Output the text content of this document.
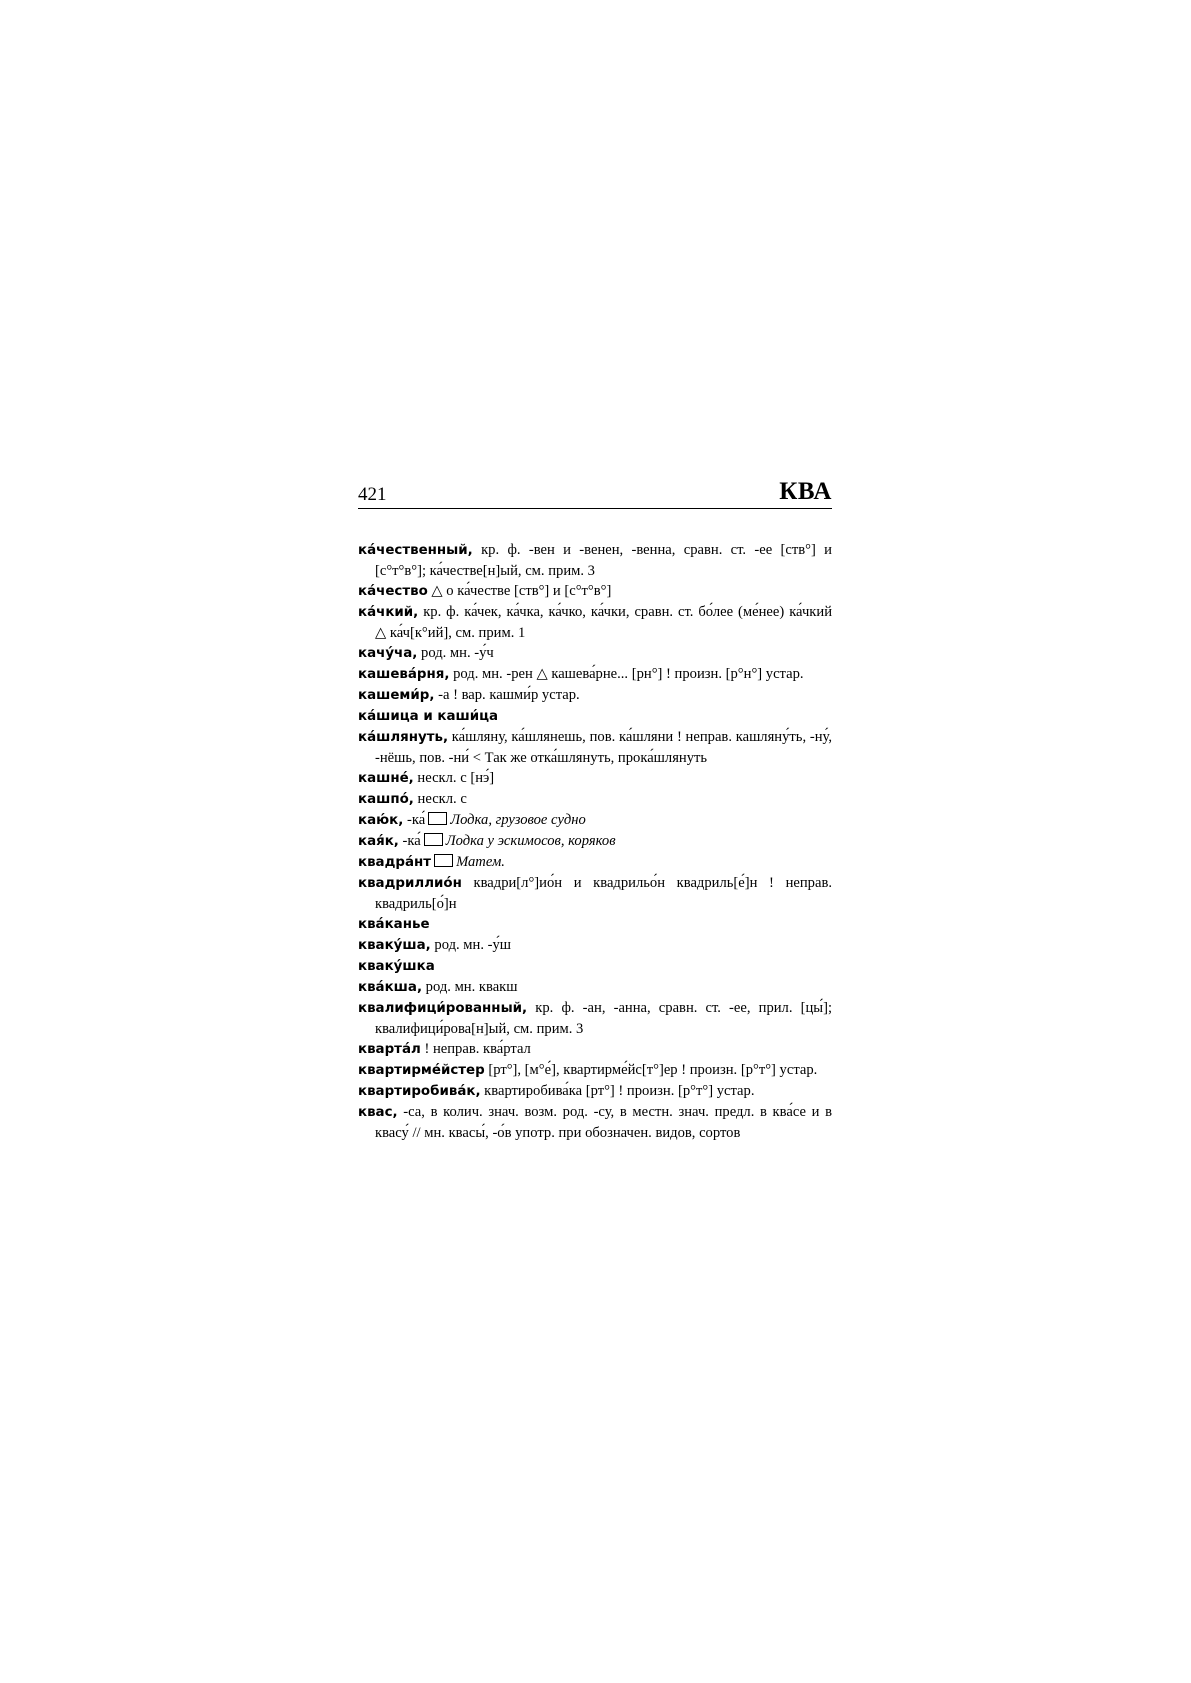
421	КВА
ка́чественный, кр. ф. -вен и -венен, -венна, сравн. ст. -ее [ств°] и [с°т°в°]; ка́честве[н]ый, см. прим. 3
ка́чество △ о ка́честве [ств°] и [с°т°в°]
ка́чкий, кр. ф. ка́чек, ка́чка, ка́чко, ка́чки, сравн. ст. бо́лее (ме́нее) ка́чкий △ ка́ч[к°ий], см. прим. 1
качу́ча, род. мн. -у́ч
кашева́рня, род. мн. -рен △ кашева́рне... [рн°] ! произн. [р°н°] устар.
кашеми́р, -а ! вар. кашми́р устар.
ка́шица и каши́ца
ка́шлянуть, ка́шляну, ка́шлянешь, пов. ка́шляни ! неправ. кашляну́ть, -ну́, -нёшь, пов. -ни́ < Так же отка́шлянуть, прока́шлянуть
кашне́, нескл. с [нэ́]
кашпо́, нескл. с
каю́к, -ка́ Лодка, грузовое судно
кая́к, -ка́ Лодка у эскимосов, коряков
квадра́нт Матем.
квадриллио́н квадри[л°]ио́н и квадрильо́н квадриль[е́]н ! неправ. квадриль[о́]н
ква́канье
кваку́ша, род. мн. -у́ш
кваку́шка
ква́кша, род. мн. квакш
квалифици́рованный, кр. ф. -ан, -анна, сравн. ст. -ее, прил. [цы́]; квалифици́рова[н]ый, см. прим. 3
кварта́л ! неправ. ква́ртал
квартирме́йстер [рт°], [м°е́], квартирме́йс[т°]ер ! произн. [р°т°] устар.
квартиробива́к, квартиробива́ка [рт°] ! произн. [р°т°] устар.
квас, -са, в колич. знач. возм. род. -су, в местн. знач. предл. в ква́се и в квасу́ // мн. квасы́, -о́в употр. при обозначен. видов, сортов
